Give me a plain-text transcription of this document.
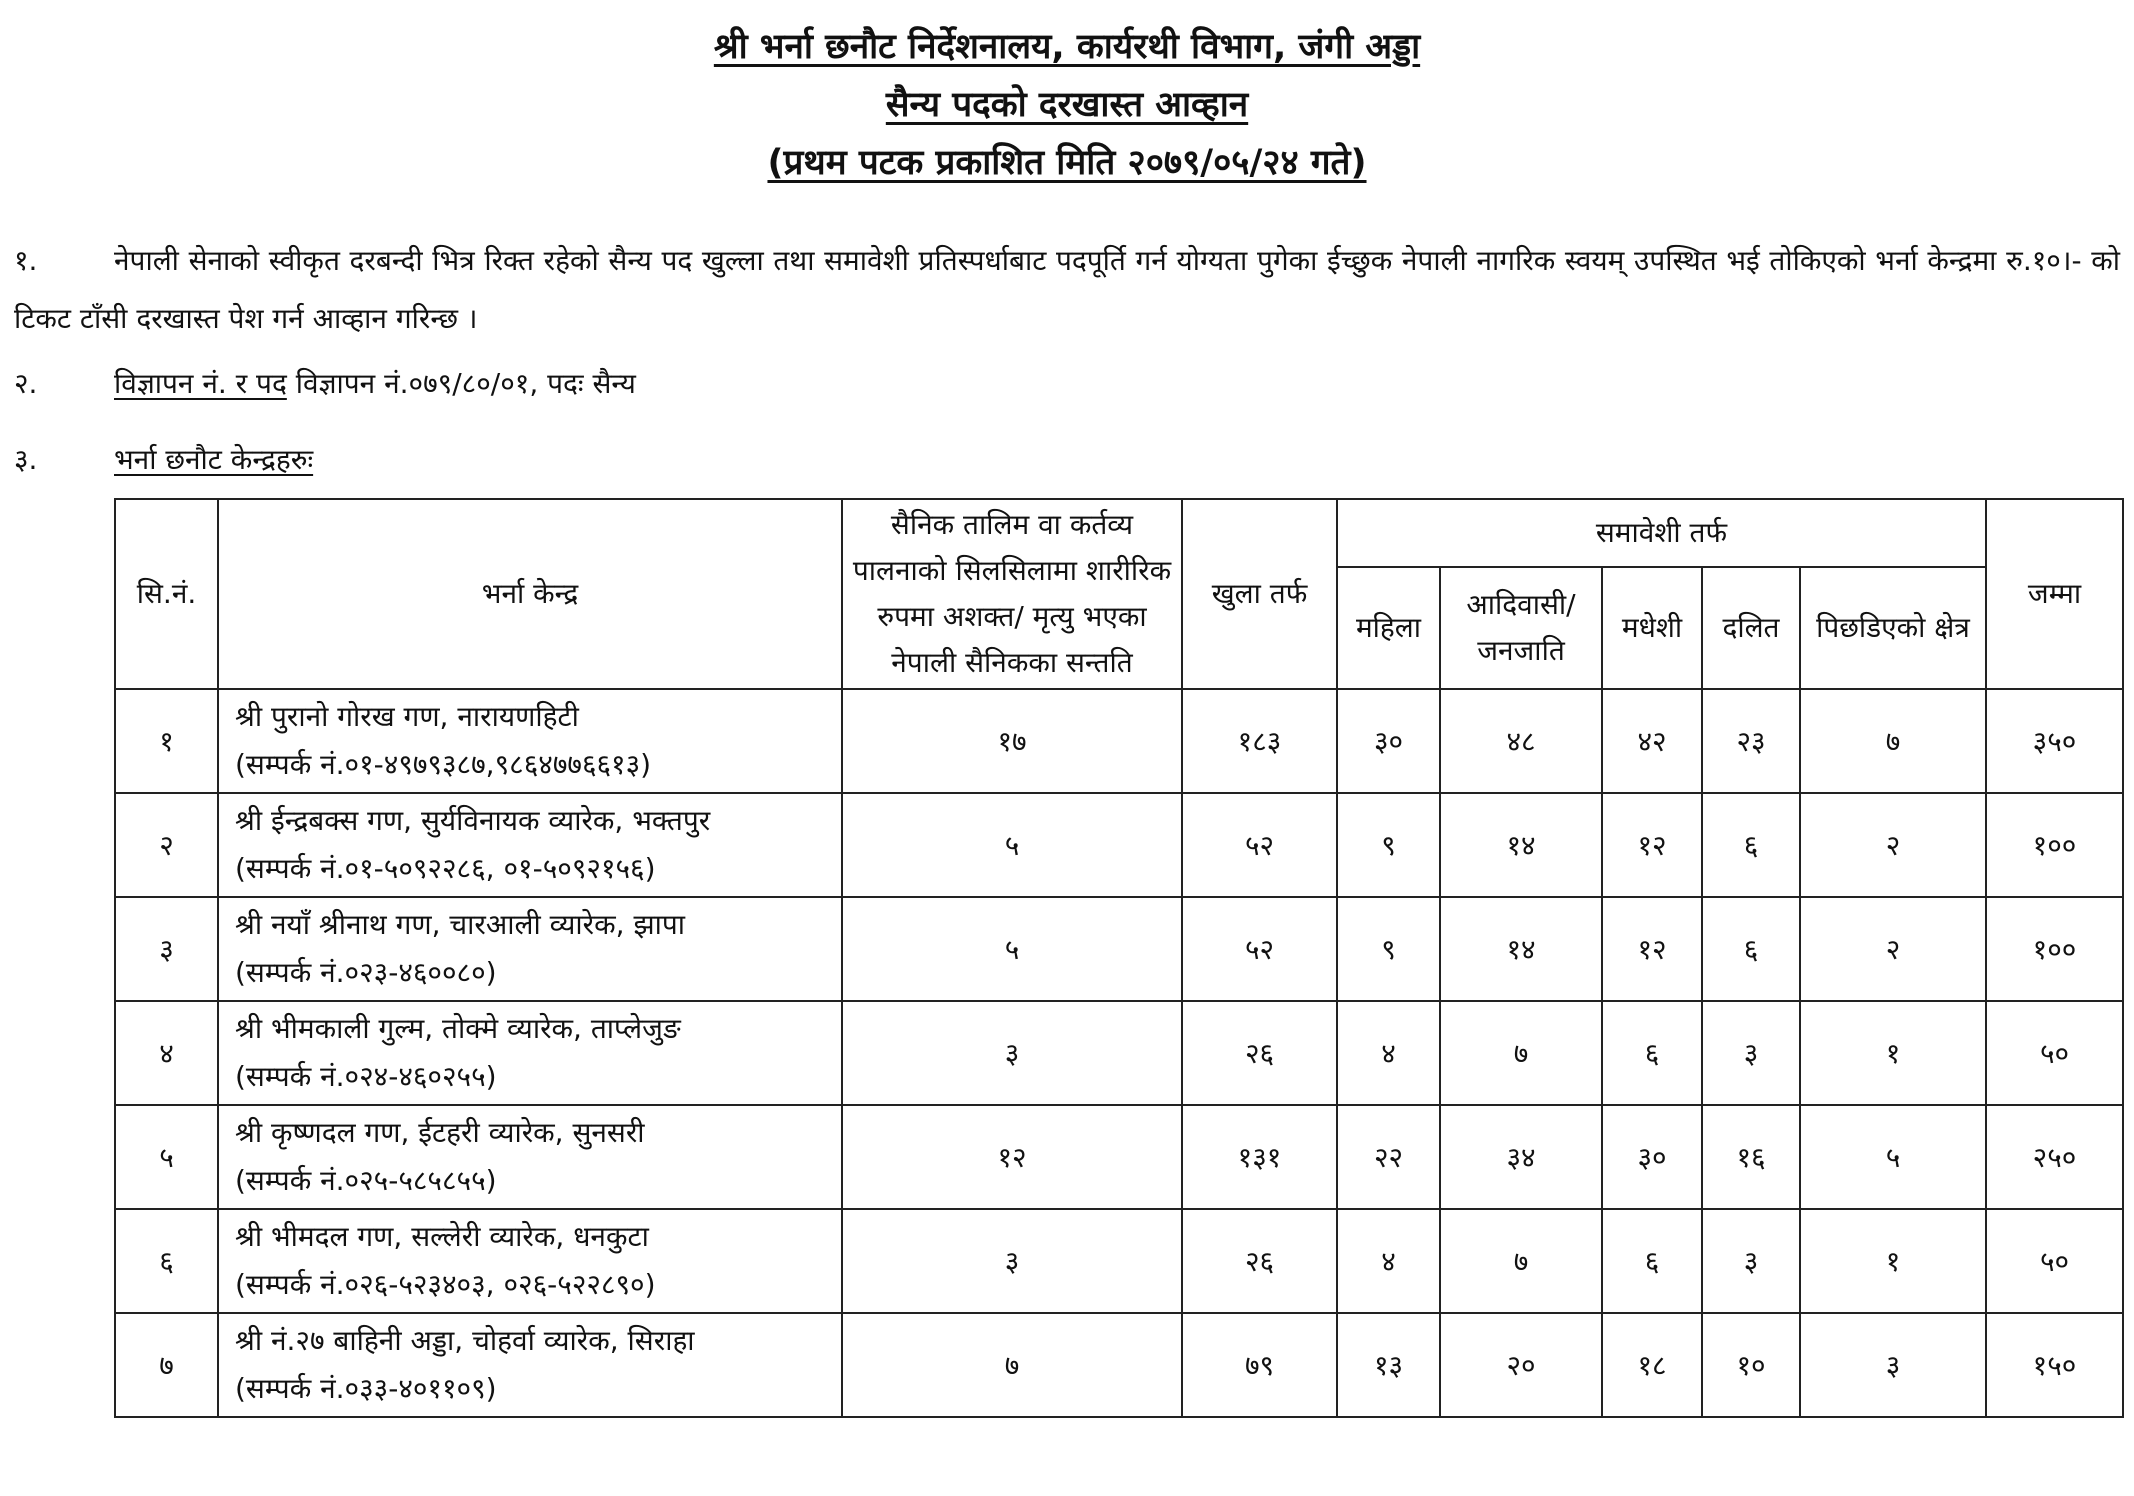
श्री भर्ना छनौट निर्देशनालय, कार्यरथी विभाग, जंगी अड्डा
सैन्य पदको दरखास्त आव्हान
(प्रथम पटक प्रकाशित मिति २०७९/०५/२४ गते)
१.	नेपाली सेनाको स्वीकृत दरबन्दी भित्र रिक्त रहेको सैन्य पद खुल्ला तथा समावेशी प्रतिस्पर्धाबाट पदपूर्ति गर्न योग्यता पुगेका ईच्छुक नेपाली नागरिक स्वयम् उपस्थित भई तोकिएको भर्ना केन्द्रमा रु.१०।- को टिकट टाँसी दरखास्त पेश गर्न आव्हान गरिन्छ ।
२.	विज्ञापन नं. र पद विज्ञापन नं.०७९/८०/०१, पदः सैन्य
३.	भर्ना छनौट केन्द्रहरुः
सि.नं.	भर्ना केन्द्र	सैनिक तालिम वा कर्तव्य पालनाको सिलसिलामा शारीरिक रुपमा अशक्त/ मृत्यु भएका नेपाली सैनिकका सन्तति	खुला तर्फ	समावेशी तर्फ					जम्मा
				महिला	आदिवासी/ जनजाति	मधेशी	दलित	पिछडिएको क्षेत्र	
१	श्री पुरानो गोरख गण, नारायणहिटी
(सम्पर्क नं.०१-४९७९३८७,९८६४७७६६१३)	१७	१८३	३०	४८	४२	२३	७	३५०
२	श्री ईन्द्रबक्स गण, सुर्यविनायक व्यारेक, भक्तपुर
(सम्पर्क नं.०१-५०९२२८६, ०१-५०९२१५६)	५	५२	९	१४	१२	६	२	१००
३	श्री नयाँ श्रीनाथ गण, चारआली व्यारेक, झापा
(सम्पर्क नं.०२३-४६००८०)	५	५२	९	१४	१२	६	२	१००
४	श्री भीमकाली गुल्म, तोक्मे व्यारेक, ताप्लेजुङ
(सम्पर्क नं.०२४-४६०२५५)	३	२६	४	७	६	३	१	५०
५	श्री कृष्णदल गण, ईटहरी व्यारेक, सुनसरी
(सम्पर्क नं.०२५-५८५८५५)	१२	१३१	२२	३४	३०	१६	५	२५०
६	श्री भीमदल गण, सल्लेरी व्यारेक, धनकुटा
(सम्पर्क नं.०२६-५२३४०३, ०२६-५२२८९०)	३	२६	४	७	६	३	१	५०
७	श्री नं.२७ बाहिनी अड्डा, चोहर्वा व्यारेक, सिराहा
(सम्पर्क नं.०३३-४०११०९)	७	७९	१३	२०	१८	१०	३	१५०
